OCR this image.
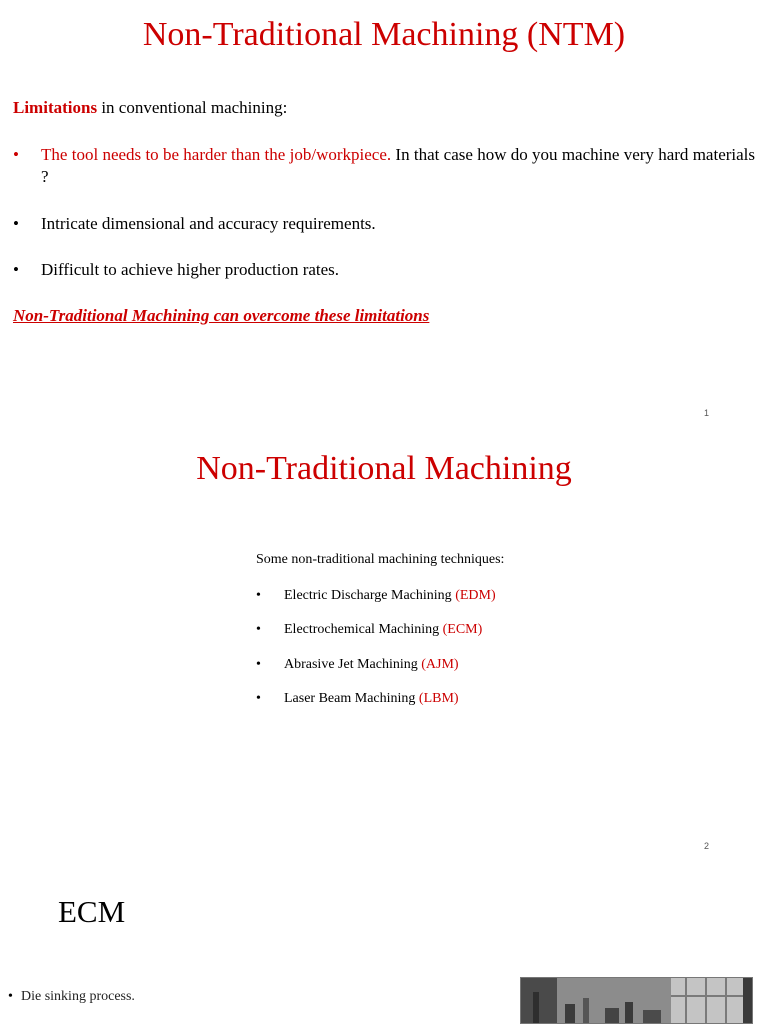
Non-Traditional Machining (NTM)
Limitations in conventional machining:
• The tool needs to be harder than the job/workpiece. In that case how do you machine very hard materials ?
• Intricate dimensional and accuracy requirements.
• Difficult to achieve higher production rates.
Non-Traditional Machining can overcome these limitations
1
Non-Traditional Machining
Some non-traditional machining techniques:
• Electric Discharge Machining (EDM)
• Electrochemical Machining (ECM)
• Abrasive Jet Machining (AJM)
• Laser Beam Machining (LBM)
2
ECM
• Die sinking process.
